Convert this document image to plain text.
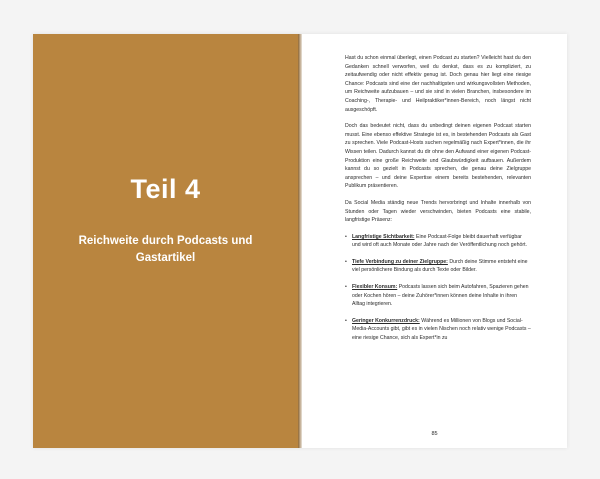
Teil 4
Reichweite durch Podcasts und Gastartikel

Hast du schon einmal überlegt, einen Podcast zu starten? Vielleicht hast du den Gedanken schnell verworfen, weil du denkst, dass es zu kompliziert, zu zeitaufwendig oder nicht effektiv genug ist. Doch genau hier liegt eine riesige Chance: Podcasts sind eine der nachhaltigsten und wirkungsvollsten Methoden, um Reichweite aufzubauen – und sie sind in vielen Branchen, insbesondere im Coaching-, Therapie- und Heilpraktiker*innen-Bereich, noch längst nicht ausgeschöpft.

Doch das bedeutet nicht, dass du unbedingt deinen eigenen Podcast starten musst. Eine ebenso effektive Strategie ist es, in bestehenden Podcasts als Gast zu sprechen. Viele Podcast-Hosts suchen regelmäßig nach Expert*innen, die ihr Wissen teilen. Dadurch kannst du dir ohne den Aufwand einer eigenen Podcast-Produktion eine große Reichweite und Glaubwürdigkeit aufbauen. Außerdem kannst du so gezielt in Podcasts sprechen, die genau deine Zielgruppe ansprechen – und deine Expertise einem bereits bestehenden, relevanten Publikum präsentieren.

Da Social Media ständig neue Trends hervorbringt und Inhalte innerhalb von Stunden oder Tagen wieder verschwinden, bieten Podcasts eine stabile, langfristige Präsenz:

• Langfristige Sichtbarkeit: Eine Podcast-Folge bleibt dauerhaft verfügbar und wird oft auch Monate oder Jahre nach der Veröffentlichung noch gehört.
• Tiefe Verbindung zu deiner Zielgruppe: Durch deine Stimme entsteht eine viel persönlichere Bindung als durch Texte oder Bilder.
• Flexibler Konsum: Podcasts lassen sich beim Autofahren, Spazieren gehen oder Kochen hören – deine Zuhörer*innen können deine Inhalte in ihren Alltag integrieren.
• Geringer Konkurrenzdruck: Während es Millionen von Blogs und Social-Media-Accounts gibt, gibt es in vielen Nischen noch relativ wenige Podcasts – eine riesige Chance, sich als Expert*in zu
85
